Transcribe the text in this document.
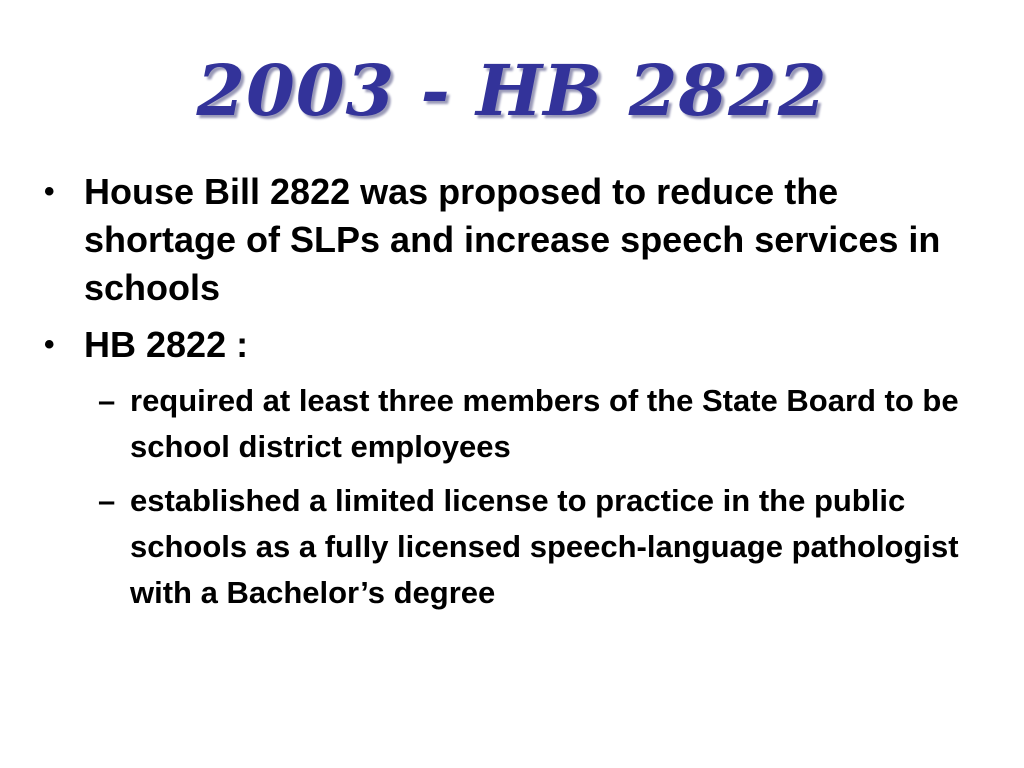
2003 - HB 2822
• House Bill 2822 was proposed to reduce the shortage of SLPs and increase speech services in schools
• HB 2822 :
– required at least three members of the State Board to be school district employees
– established a limited license to practice in the public schools as a fully licensed speech-language pathologist with a Bachelor’s degree
